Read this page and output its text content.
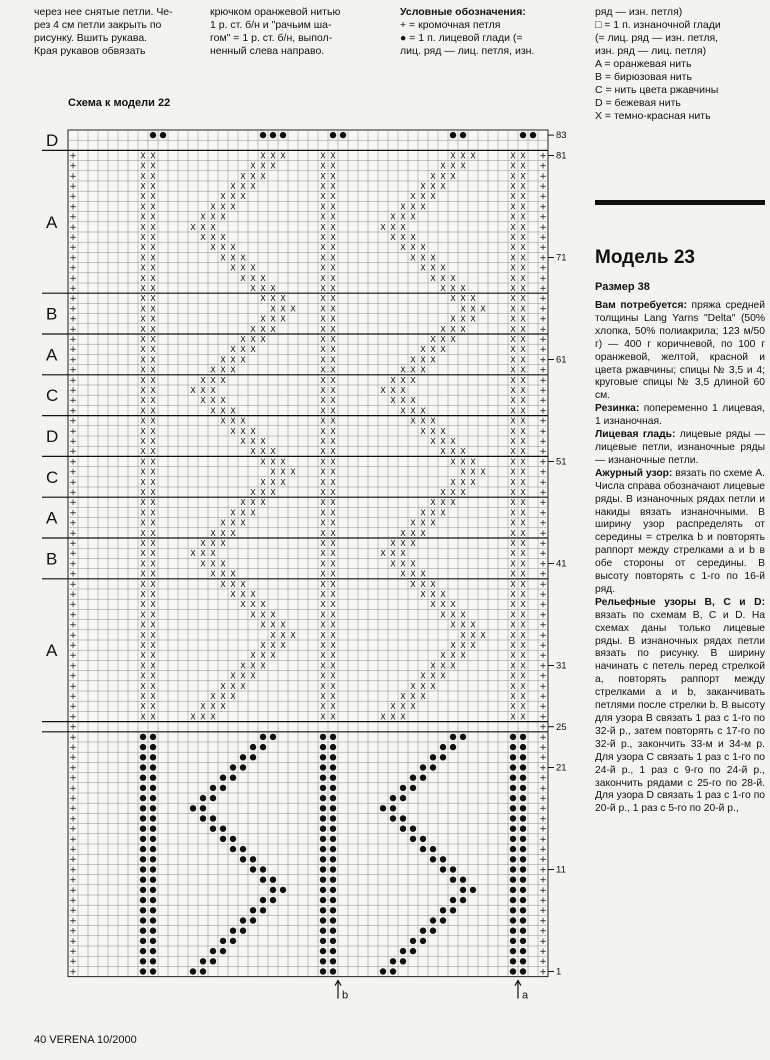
через нее снятые петли. Че-

рез 4 см петли закрыть по

рисунку. Вшить рукава.

Края рукавов обвязать

крючком оранжевой нитью

1 р. ст. б/н и "рачьим ша-

гом" = 1 р. ст. б/н, выпол-

ненный слева направо.

Условные обозначения:

+ = кромочная петля

● = 1 п. лицевой глади (=

лиц. ряд — лиц. петля, изн.

ряд — изн. петля)

□ = 1 п. изнаночной глади

(= лиц. ряд — изн. петля,

изн. ряд — лиц. петля)

A = оранжевая нить

B = бирюзовая нить

C = нить цвета ржавчины

D = бежевая нить

X = темно-красная нить

Схема к модели 22
+	+
+	+
+	+
+	+
+	+
+	+
+	+
+	+
+	+
+	+
+	+
+	+
+	+
+	+
+	+
+	+
+	+
+	+
+	+
+	+
+	+
+	+
+	+
+	+
+	+
+	+
+	+
+	+
+	+
+	+
+	+
+	+
+	+
+	+
+	+
+	+
+	+
+	+
+	+
+	+
+	+
+	+
+	+
+	+
+	+
+	+
+	+
+	+
+	+
+	+
+	+
+	+
+	+
+	+
+	+
+	+
+	+
+	+
+	+
+	+
+	+
+	+
+	+
+	+
+	+
+	+
+	+
+	+
+	+
+	+
+	+
+	+
+	+
+	+
+	+
+	+
+	+
+	+
+	+
+	+
+	+
X X	X X	X X
X X X	X X X
X X	X X	X X
X X X	X X X
X X	X X	X X
X X X	X X X
X X	X X	X X
X X X	X X X
X X	X X	X X
X X X	X X X
X X	X X	X X
X X X	X X X
X X	X X	X X
X X X	X X X
X X	X X	X X
X X X	X X X
X X	X X	X X
X X X	X X X
X X	X X	X X
X X X	X X X
X X	X X	X X
X X X	X X X
X X	X X	X X
X X X	X X X
X X	X X	X X
X X X	X X X
X X	X X	X X
X X X	X X X
X X	X X	X X
X X X	X X X
X X	X X	X X
X X X	X X X
X X	X X	X X
X X X	X X X
X X	X X	X X
X X X	X X X
X X	X X	X X
X X X	X X X
X X	X X	X X
X X X	X X X
X X	X X	X X
X X X	X X X
X X	X X	X X
X X X	X X X
X X	X X	X X
X X X	X X X
X X	X X	X X
X X X	X X X
X X	X X	X X
X X X	X X X
X X	X X	X X
X X X	X X X
X X	X X	X X
X X X	X X X
X X	X X	X X
X X X	X X X
X X	X X	X X
X X X	X X X
X X	X X	X X
X X X	X X X
X X	X X	X X
X X X	X X X
X X	X X	X X
X X X	X X X
X X	X X	X X
X X X	X X X
X X	X X	X X
X X X	X X X
X X	X X	X X
X X X	X X X
X X	X X	X X
X X X	X X X
X X	X X	X X
X X X	X X X
X X	X X	X X
X X X	X X X
X X	X X	X X
X X X	X X X
X X	X X	X X
X X X	X X X
X X	X X	X X
X X X	X X X
X X	X X	X X
X X X	X X X
X X	X X	X X
X X X	X X X
X X	X X	X X
X X X	X X X
X X	X X	X X
X X X	X X X
X X	X X	X X
X X X	X X X
X X	X X	X X
X X X	X X X
X X	X X	X X
X X X	X X X
X X	X X	X X
X X X	X X X
X X	X X	X X
X X X	X X X
X X	X X	X X
X X X	X X X
X X	X X	X X
X X X	X X X
X X	X X	X X
X X X	X X X
X X	X X	X X
X X X	X X X
X X	X X	X X
X X X	X X X
X X	X X	X X
X X X	X X X
A
B
A
C
D
C
A
B
A
D
1
11
21
25
31
41
51
61
71
81
83
b	a
Модель 23
Размер 38

Вам потребуется: пряжа средней толщины Lang Yarns "Delta" (50% хлопка, 50% полиакрила; 123 м/50 г) — 400 г коричневой, по 100 г оранжевой, желтой, красной и цвета ржавчины; спицы № 3,5 и 4; круговые спицы № 3,5 длиной 60 см.

Резинка: попеременно 1 лицевая, 1 изнаночная.

Лицевая гладь: лицевые ряды — лицевые петли, изнаночные ряды — изнаночные петли.

Ажурный узор: вязать по схеме А. Числа справа обозначают лицевые ряды. В изнаночных рядах петли и накиды вязать изнаночными. В ширину узор распределять от середины = стрелка b и повторять раппорт между стрелками а и b в обе стороны от середины. В высоту повторять с 1-го по 16-й ряд.

Рельефные узоры В, С и D: вязать по схемам В, С и D. На схемах даны только лицевые ряды. В изнаночных рядах петли вязать по рисунку. В ширину начинать с петель перед стрелкой а, повторять раппорт между стрелками а и b, заканчивать петлями после стрелки b. В высоту для узора В связать 1 раз с 1-го по 32-й р., затем повторять с 17-го по 32-й р., закончить 33-м и 34-м р. Для узора С связать 1 раз с 1-го по 24-й р., 1 раз с 9-го по 24-й р., закончить рядами с 25-го по 28-й. Для узора D связать 1 раз с 1-го по 20-й р., 1 раз с 5-го по 20-й р.,

40 VERENA 10/2000
